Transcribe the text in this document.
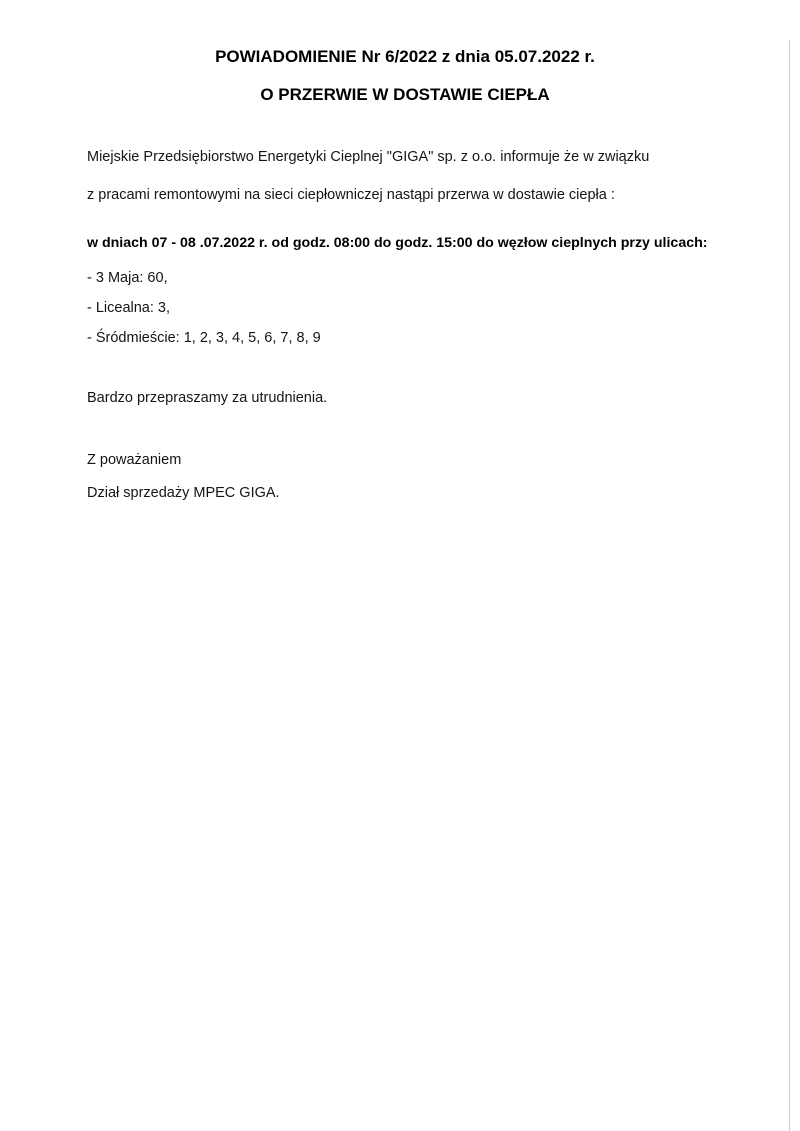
POWIADOMIENIE Nr 6/2022 z dnia 05.07.2022 r.
O PRZERWIE W DOSTAWIE CIEPŁA
Miejskie Przedsiębiorstwo Energetyki Cieplnej "GIGA" sp. z o.o. informuje że w związku
z pracami remontowymi na sieci ciepłowniczej nastąpi przerwa w dostawie ciepła :
w dniach 07 - 08 .07.2022 r. od godz. 08:00 do godz. 15:00 do węzłow cieplnych przy ulicach:
- 3 Maja: 60,
- Licealna: 3,
- Śródmieście: 1, 2, 3, 4, 5, 6, 7, 8, 9
Bardzo przepraszamy za utrudnienia.
Z poważaniem
Dział sprzedaży MPEC GIGA.
